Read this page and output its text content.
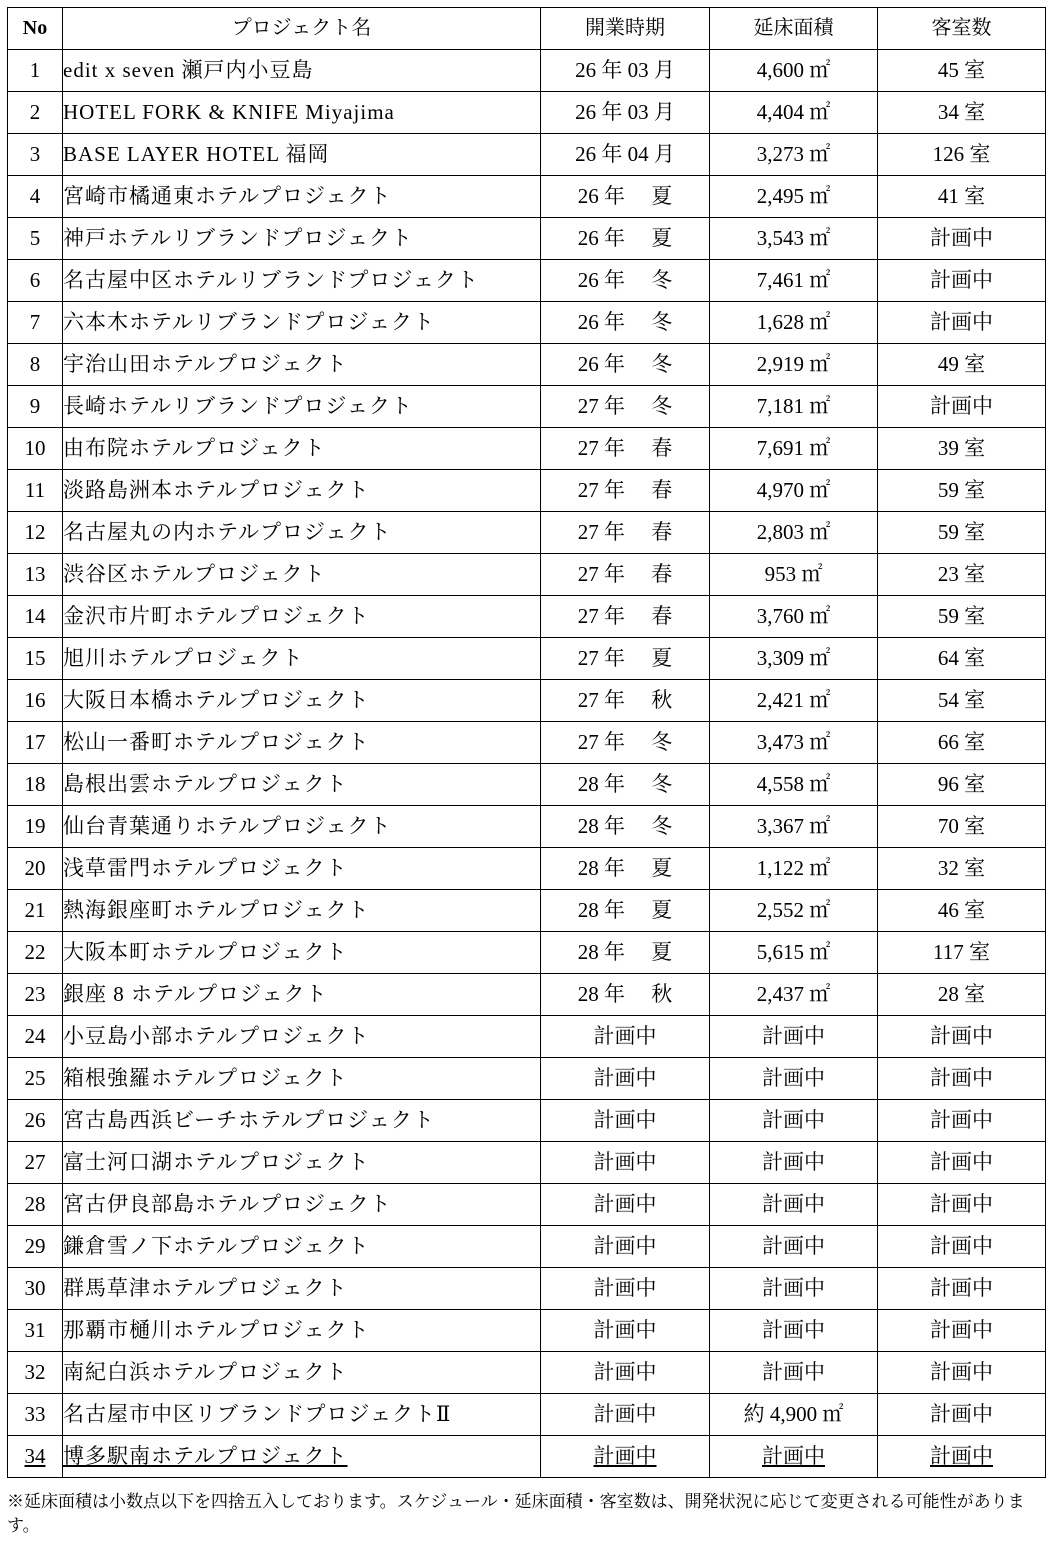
No	プロジェクト名	開業時期	延床面積	客室数
1	edit x seven 瀬戸内小豆島	26 年 03 月	4,600 ㎡	45 室
2	HOTEL FORK & KNIFE Miyajima	26 年 03 月	4,404 ㎡	34 室
3	BASE LAYER HOTEL 福岡	26 年 04 月	3,273 ㎡	126 室
4	宮崎市橘通東ホテルプロジェクト	26 年　 夏	2,495 ㎡	41 室
5	神戸ホテルリブランドプロジェクト	26 年　 夏	3,543 ㎡	計画中
6	名古屋中区ホテルリブランドプロジェクト	26 年　 冬	7,461 ㎡	計画中
7	六本木ホテルリブランドプロジェクト	26 年　 冬	1,628 ㎡	計画中
8	宇治山田ホテルプロジェクト	26 年　 冬	2,919 ㎡	49 室
9	長崎ホテルリブランドプロジェクト	27 年　 冬	7,181 ㎡	計画中
10	由布院ホテルプロジェクト	27 年　 春	7,691 ㎡	39 室
11	淡路島洲本ホテルプロジェクト	27 年　 春	4,970 ㎡	59 室
12	名古屋丸の内ホテルプロジェクト	27 年　 春	2,803 ㎡	59 室
13	渋谷区ホテルプロジェクト	27 年　 春	953 ㎡	23 室
14	金沢市片町ホテルプロジェクト	27 年　 春	3,760 ㎡	59 室
15	旭川ホテルプロジェクト	27 年　 夏	3,309 ㎡	64 室
16	大阪日本橋ホテルプロジェクト	27 年　 秋	2,421 ㎡	54 室
17	松山一番町ホテルプロジェクト	27 年　 冬	3,473 ㎡	66 室
18	島根出雲ホテルプロジェクト	28 年　 冬	4,558 ㎡	96 室
19	仙台青葉通りホテルプロジェクト	28 年　 冬	3,367 ㎡	70 室
20	浅草雷門ホテルプロジェクト	28 年　 夏	1,122 ㎡	32 室
21	熱海銀座町ホテルプロジェクト	28 年　 夏	2,552 ㎡	46 室
22	大阪本町ホテルプロジェクト	28 年　 夏	5,615 ㎡	117 室
23	銀座 8 ホテルプロジェクト	28 年　 秋	2,437 ㎡	28 室
24	小豆島小部ホテルプロジェクト	計画中	計画中	計画中
25	箱根強羅ホテルプロジェクト	計画中	計画中	計画中
26	宮古島西浜ビーチホテルプロジェクト	計画中	計画中	計画中
27	富士河口湖ホテルプロジェクト	計画中	計画中	計画中
28	宮古伊良部島ホテルプロジェクト	計画中	計画中	計画中
29	鎌倉雪ノ下ホテルプロジェクト	計画中	計画中	計画中
30	群馬草津ホテルプロジェクト	計画中	計画中	計画中
31	那覇市樋川ホテルプロジェクト	計画中	計画中	計画中
32	南紀白浜ホテルプロジェクト	計画中	計画中	計画中
33	名古屋市中区リブランドプロジェクトⅡ	計画中	約 4,900 ㎡	計画中
34	博多駅南ホテルプロジェクト	計画中	計画中	計画中
※延床面積は小数点以下を四捨五入しております。スケジュール・延床面積・客室数は、開発状況に応じて変更される可能性があります。
